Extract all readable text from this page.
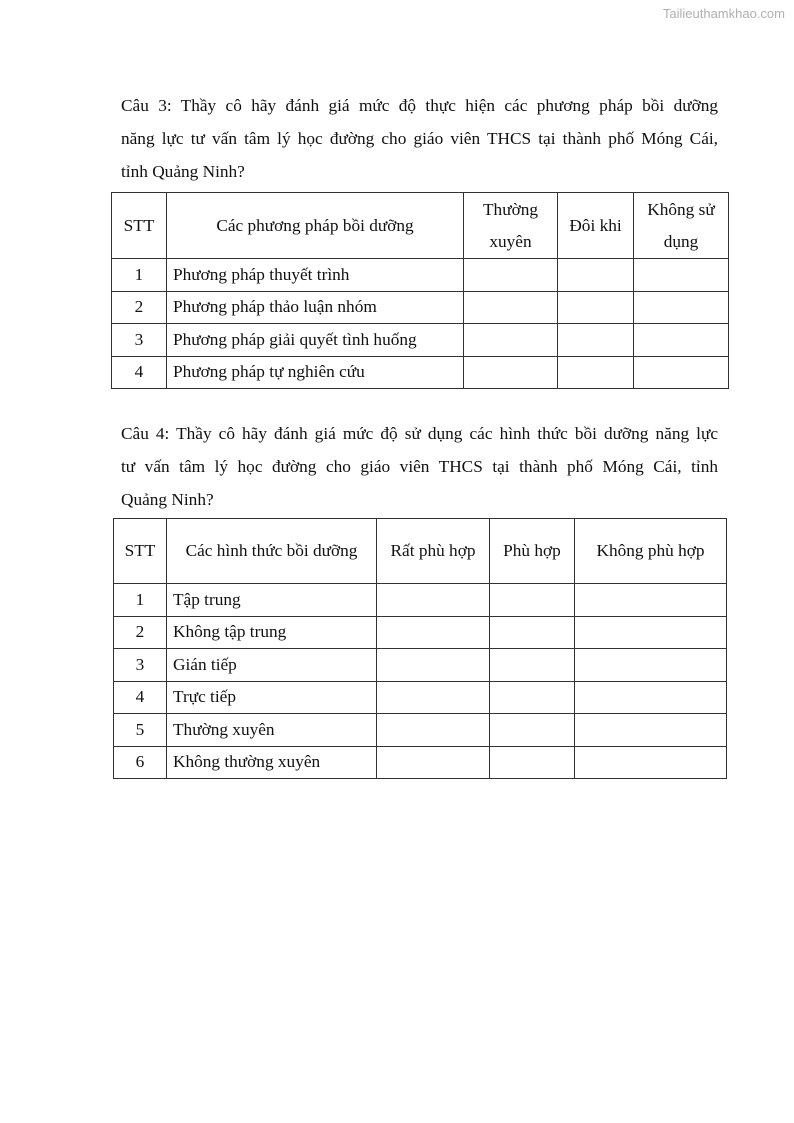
Tailieuthamkhao.com
Câu 3: Thầy cô hãy đánh giá mức độ thực hiện các phương pháp bồi dưỡng
năng lực tư vấn tâm lý học đường cho giáo viên THCS tại thành phố Móng Cái,
tỉnh Quảng Ninh?
STT	Các phương pháp bồi dưỡng	Thường xuyên	Đôi khi	Không sử dụng
1	Phương pháp thuyết trình			
2	Phương pháp thảo luận nhóm			
3	Phương pháp giải quyết tình huống			
4	Phương pháp tự nghiên cứu			
Câu 4: Thầy cô hãy đánh giá mức độ sử dụng các hình thức bồi dưỡng năng lực
tư vấn tâm lý học đường cho giáo viên THCS tại thành phố Móng Cái, tỉnh
Quảng Ninh?
STT	Các hình thức bồi dưỡng	Rất phù hợp	Phù hợp	Không phù hợp
1	Tập trung			
2	Không tập trung			
3	Gián tiếp			
4	Trực tiếp			
5	Thường xuyên			
6	Không thường xuyên			
